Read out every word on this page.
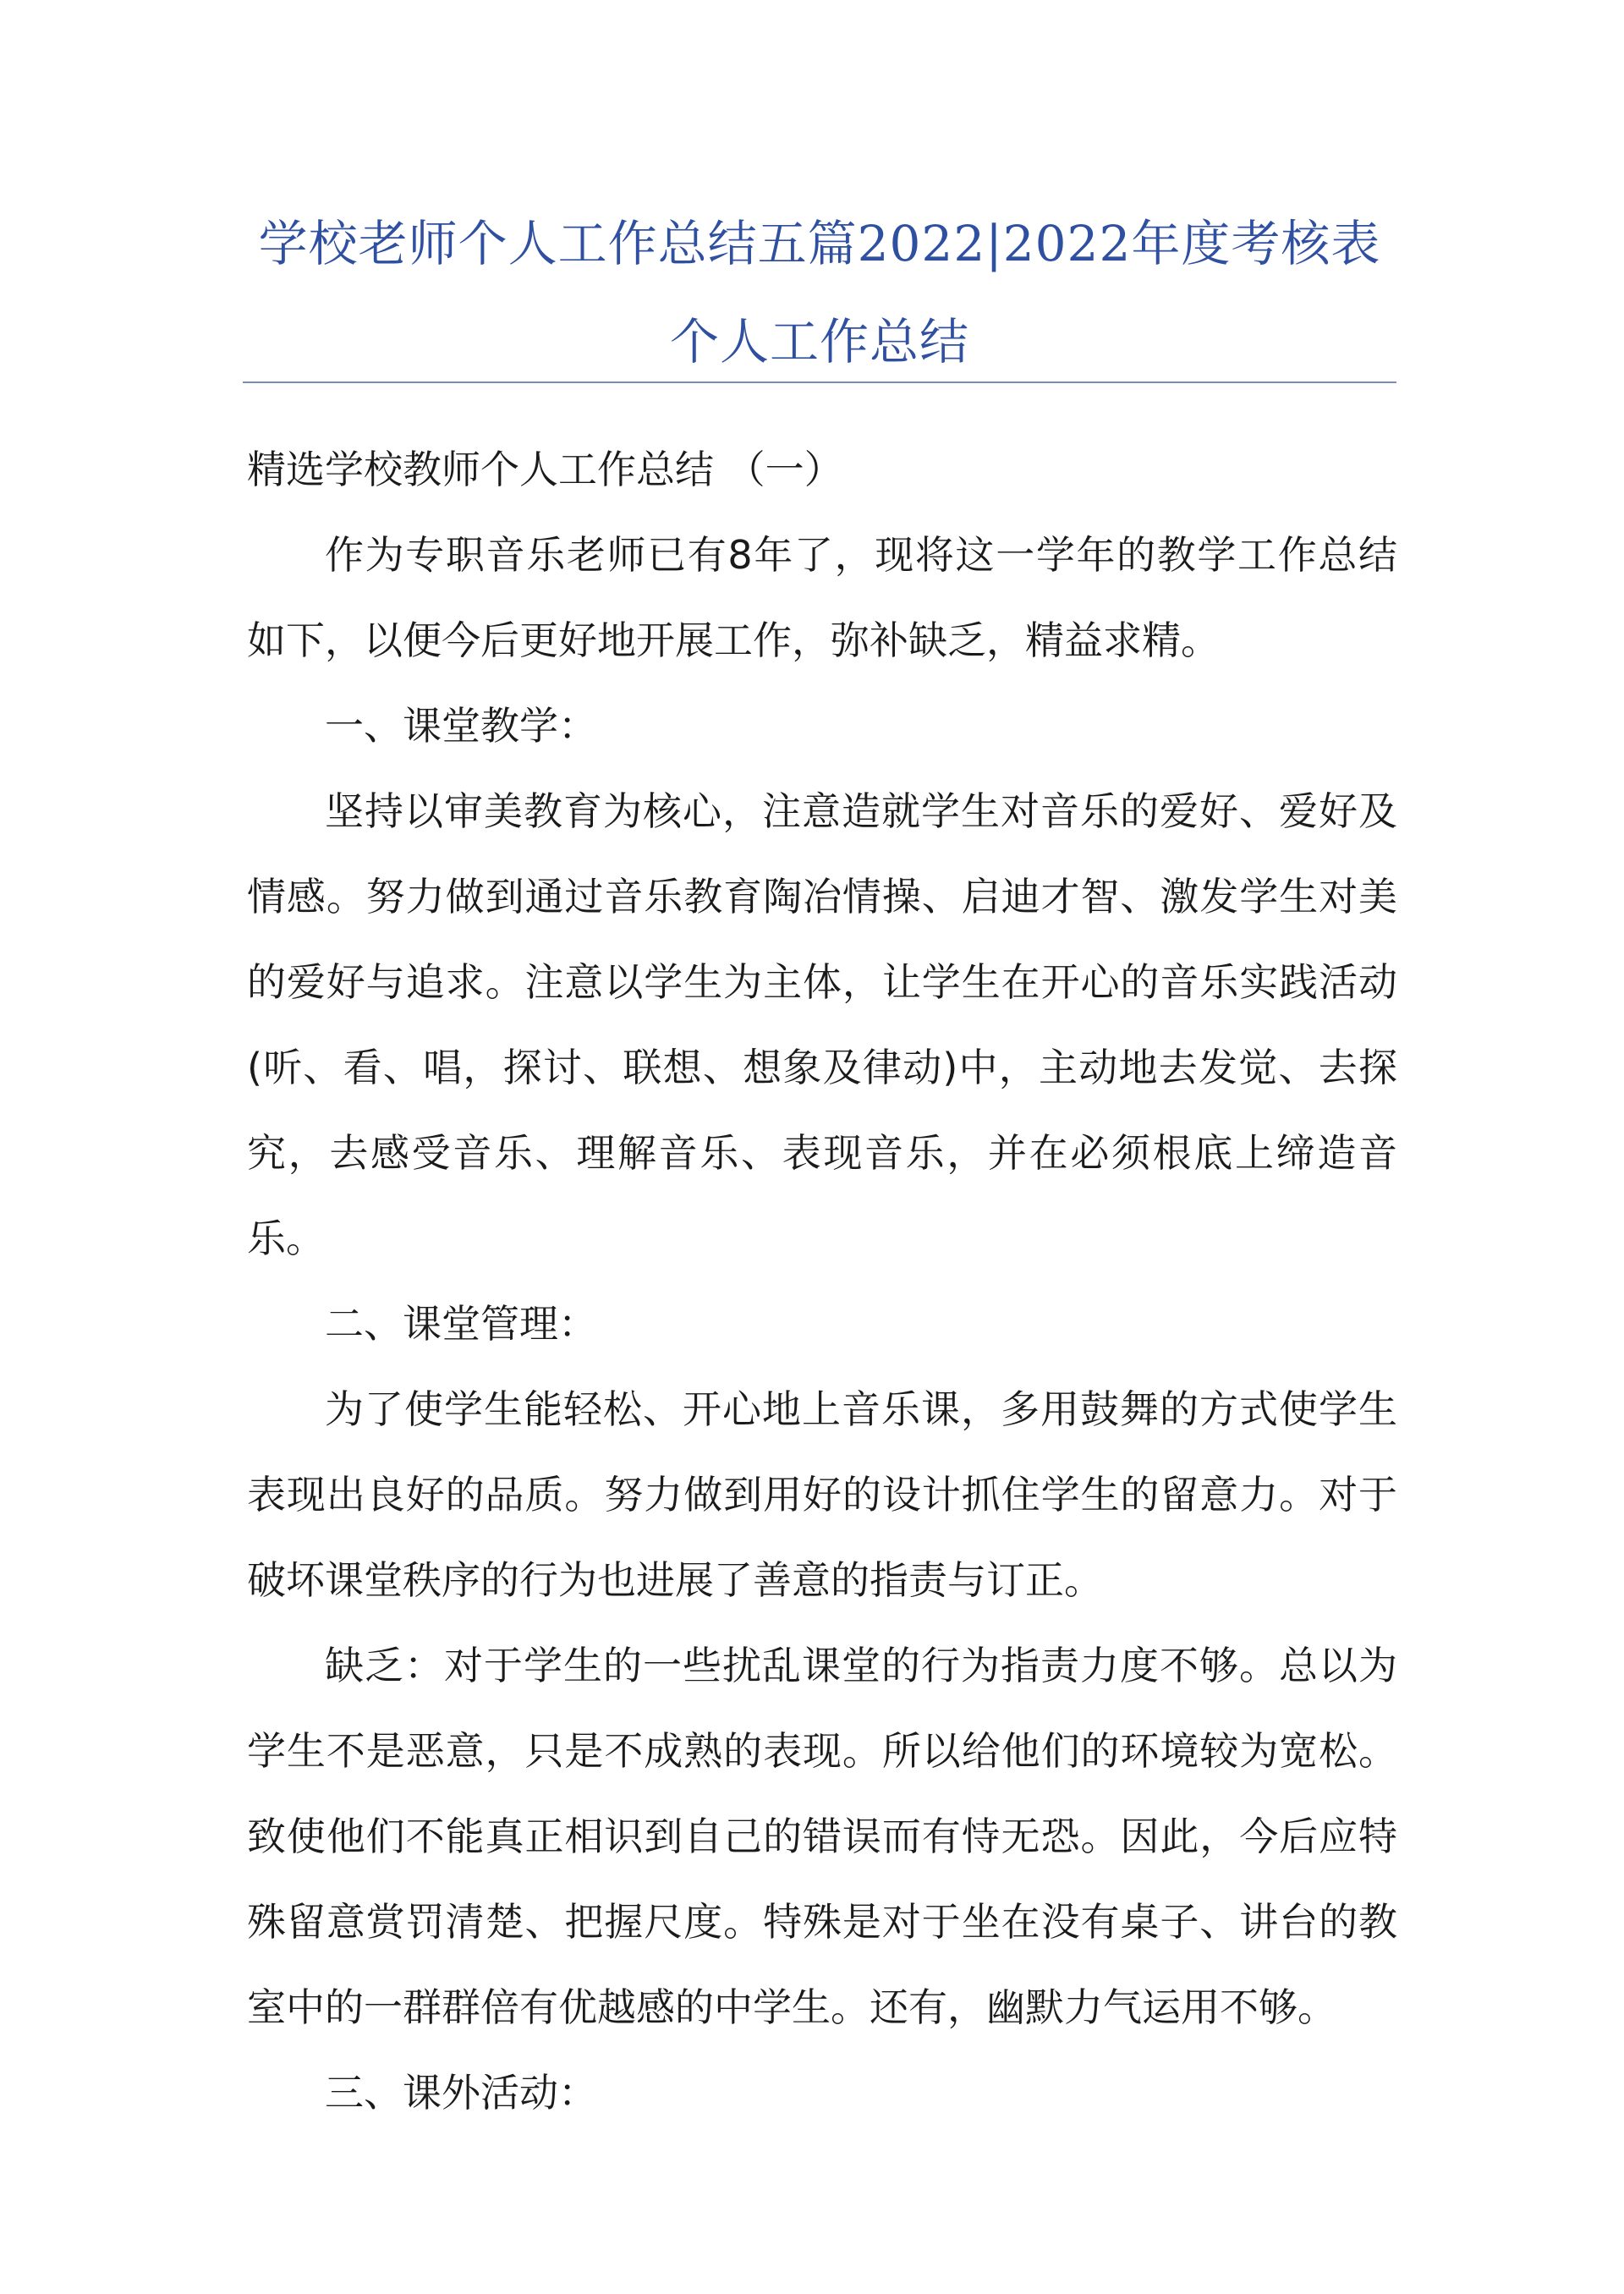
学校老师个人工作总结五篇2022|2022年度考核表个人工作总结

精选学校教师个人工作总结 （一）

作为专职音乐老师已有8年了，现将这一学年的教学工作总结如下，以便今后更好地开展工作，弥补缺乏，精益求精。

一、课堂教学：

坚持以审美教育为核心，注意造就学生对音乐的爱好、爱好及情感。努力做到通过音乐教育陶冶情操、启迪才智、激发学生对美的爱好与追求。注意以学生为主体，让学生在开心的音乐实践活动(听、看、唱，探讨、联想、想象及律动)中，主动地去发觉、去探究，去感受音乐、理解音乐、表现音乐，并在必须根底上缔造音乐。

二、课堂管理：

为了使学生能轻松、开心地上音乐课，多用鼓舞的方式使学生表现出良好的品质。努力做到用好的设计抓住学生的留意力。对于破坏课堂秩序的行为也进展了善意的指责与订正。

缺乏：对于学生的一些扰乱课堂的行为指责力度不够。总以为学生不是恶意，只是不成熟的表现。所以给他们的环境较为宽松。致使他们不能真正相识到自己的错误而有恃无恐。因此，今后应特殊留意赏罚清楚、把握尺度。特殊是对于坐在没有桌子、讲台的教室中的一群群倍有优越感的中学生。还有，幽默力气运用不够。

三、课外活动：
